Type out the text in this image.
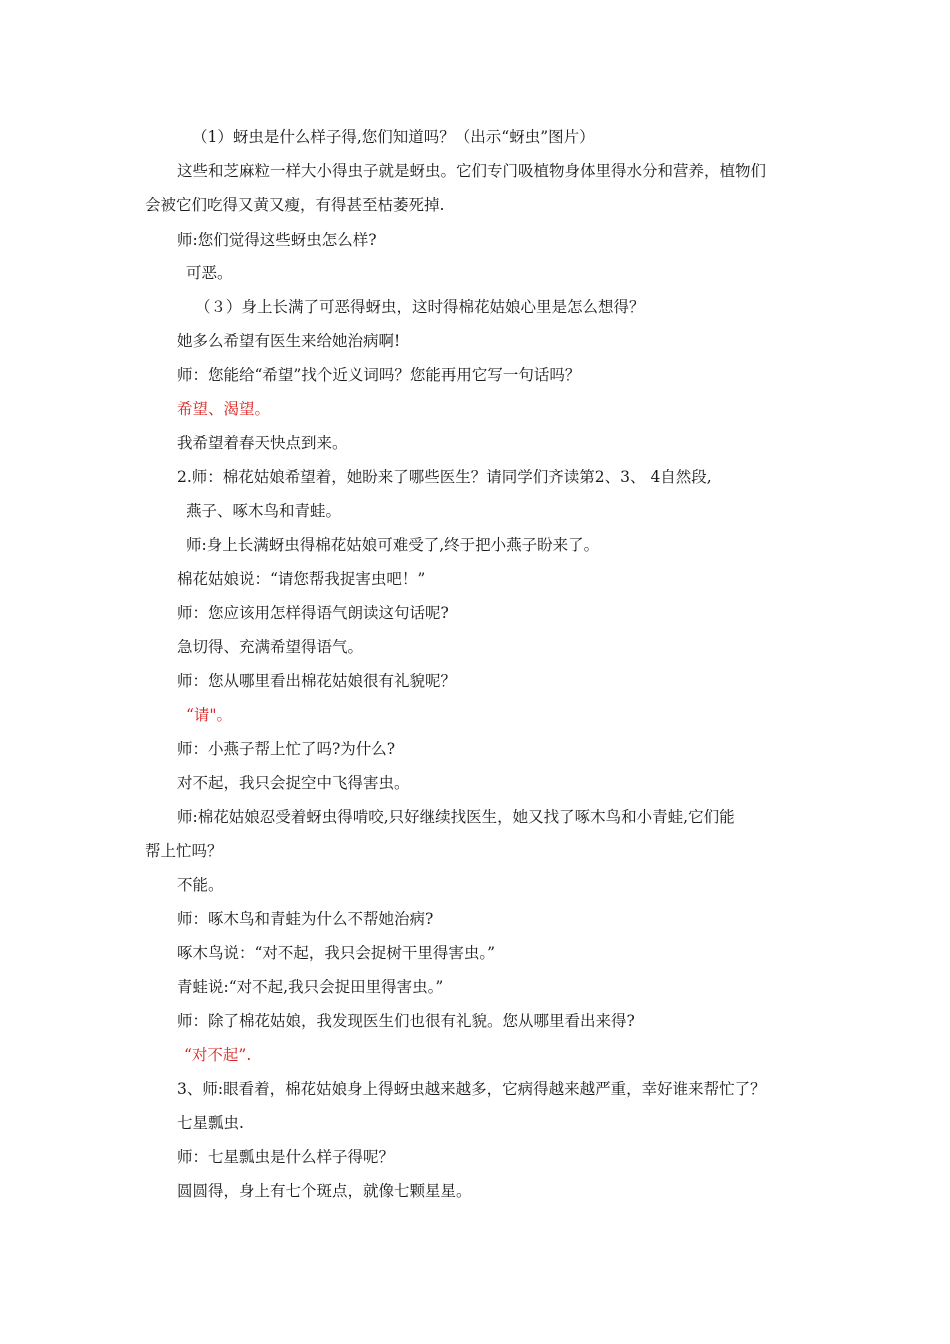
（1）蚜虫是什么样子得,您们知道吗？（出示“蚜虫”图片）

这些和芝麻粒一样大小得虫子就是蚜虫。它们专门吸植物身体里得水分和营养，植物们

会被它们吃得又黄又瘦，有得甚至枯萎死掉.

师:您们觉得这些蚜虫怎么样?

可恶。

（３）身上长满了可恶得蚜虫，这时得棉花姑娘心里是怎么想得？

她多么希望有医生来给她治病啊!

师：您能给“希望”找个近义词吗？您能再用它写一句话吗？

希望、渴望。

我希望着春天快点到来。

2.师：棉花姑娘希望着，她盼来了哪些医生？请同学们齐读第2、3、 4自然段,

燕子、啄木鸟和青蛙。

师:身上长满蚜虫得棉花姑娘可难受了,终于把小燕子盼来了。

棉花姑娘说：“请您帮我捉害虫吧！”

师：您应该用怎样得语气朗读这句话呢?

急切得、充满希望得语气。

师：您从哪里看出棉花姑娘很有礼貌呢？

“请"。

师：小燕子帮上忙了吗?为什么?

对不起，我只会捉空中飞得害虫。

师:棉花姑娘忍受着蚜虫得啃咬,只好继续找医生，她又找了啄木鸟和小青蛙,它们能

帮上忙吗？

不能。

师：啄木鸟和青蛙为什么不帮她治病?

啄木鸟说：“对不起，我只会捉树干里得害虫。”

青蛙说:“对不起,我只会捉田里得害虫。”

师：除了棉花姑娘，我发现医生们也很有礼貌。您从哪里看出来得?

“对不起”.

3、师:眼看着，棉花姑娘身上得蚜虫越来越多，它病得越来越严重，幸好谁来帮忙了？

七星瓢虫.

师：七星瓢虫是什么样子得呢？

圆圆得，身上有七个斑点，就像七颗星星。
